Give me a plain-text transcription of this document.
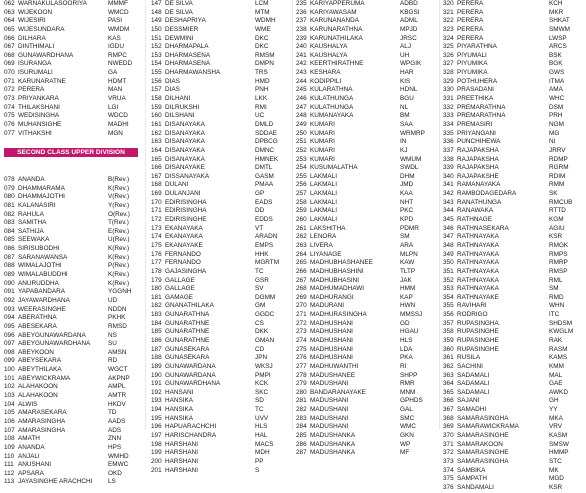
062 WARNAKULASOORIYA	MMMF
063 WIJEKOON	WMCD
064 WIJESIRI	PASI
065 WIJESUNDARA	WMDM
066 DILHARA	KAS
067 DINTHIMALI	IGDU
068 GUNAWARDHANA	RMPC
069 ISURANGA	NWEDD
070 ISURUMALI	GA
071 KARUNARATNE	HDMT
072 PERERA	MAN
073 PRIYANKARA	VRUA
074 THILAKSHANI	LGI
075 WEDISINGHA	WDCD
076 MUHANSIGHE	MADHI
077 VITHAKSHI	MGN
SECOND CLASS UPPER DIVISION
078 ANANDA	B(Rev.)
079 DHAMMARAMA	K(Rev.)
080 DHAMMAJOTHI	V(Rev.)
081 KALANASIRI	Y(Rev.)
082 RAHULA	O(Rev.)
083 SAMITHA	T(Rev.)
084 SATHIJA	E(Rev.)
085 SEEWAKA	U(Rev.)
086 SIRISUBODHI	K(Rev.)
087 SARANAWANSA	K(Rev.)
088 WIMALAJOTHI	P(Rev.)
089 WIMALABUDDHI	K(Rev.)
090 ANURUDDHA	K(Rev.)
091 YAPABANDARA	YGGNH
092 JAYAWARDHANA	UD
093 WEERASINGHE	NDDN
094 ABERATHNA	PKHK
095 ABESEKARA	RMSD
096 ABEYGUNAWARDANA	NS
097 ABEYGUNAWARDHANA	SU
098 ABEYKOON	AMSN
099 ABEYSEKARA	RD
100 ABEYTHILAKA	WGCT
101 ABEYWICKRAMA	AKPNP
102 ALAHAKOON	AMPL
103 ALAHAKOON	AMTR
104 ALWIS	HKDV
105 AMARASEKARA	TD
106 AMARASINGHA	AADS
107 AMARASINGHA	ADS
108 AMATH	ZNN
109 ANANDA	HPS
110 ANJALI	WMHD
111 ANUSHANI	EMWC
112 APSARA	OKD
113 JAYASINGHE ARACHCHI	LS
147 DE SILVA	LCM
148 DE SILVA	MTM
149 DESHAPRIYA	WDMH
150 DESSMIER	WME
151 DEWMINI	DKC
152 DHARMAPALA	DKC
153 DHARMASENA	RMSM
154 DHARMASENA	DMPN
155 DHARMAWANSHA	TRS
156 DIAS	HMD
157 DIAS	PNH
158 DILHANI	LKK
159 DILRUKSHI	RMI
160 DILSHANI	UC
161 DISANAYAKA	DMLD
162 DISANAYAKA	SDDAE
163 DISANAYAKA	DPBCG
164 DISANAYAKA	DMNC
165 DISANAYAKA	HMNEK
166 DISANAYAKE	DMTL
167 DISSANAYAKA	GASM
168 DULANI	PMAA
169 DULANJANI	GP
170 EDIRISINGHA	EADS
171 EDIRISINGHA	DD
172 EDIRISINGHE	EDDS
173 EKANAYAKA	VT
174 EKANAYAKA	ARADN
175 EKANAYAKE	EMPS
176 FERNANDO	HHK
177 FERNANDO	MGRTM
178 GAJASINGHA	TC
179 GALLAGE	GSR
180 GALLAGE	SV
181 GAMAGE	DGMM
182 GNANATHILAKA	GM
183 GUNARATHNA	GGDC
184 GUNARATHNE	CS
185 GUNARATHNE	DKK
186 GUNARATHNE	GMAN
187 GUNASEKARA	CD
188 GUNASEKARA	JPN
189 GUNAWARDANA	WKSJ
190 GUNAWARDANA	PMPI
191 GUNAWARDHANA	KCK
192 HANSANI	SKC
193 HANSIKA	SD
194 HANSIKA	TC
195 HANSIKA	UVV
196 HAPUARACHCHI	HLS
197 HARISCHANDRA	HAL
198 HARSHANI	MACS
199 HARSHANI	MDH
200 HARSHANI	PP
201 HARSHANI	S
235 KARIYAPPERUMA	ADBD
236 KARIYAWASAM	KBGSI
237 KARUNANANDA	ADML
238 KARUNARATHNA	MPJD
239 KARUNATHILAKA	JRSC
240 KAUSHALYA	ALJ
241 KAUSHALYA	UH
242 KEERTHIRATHNE	WPGIK
243 KESHARA	HAR
244 KODIPPILI	KIS
245 KULARATHNA	HDNL
246 KULATHUNGA	BGU
247 KULATHUNGA	NL
248 KUMANAYAKA	BM
249 KUMARI	SAA
250 KUMARI	WRMRP
251 KUMARI	IN
252 KUMARI	KJ
253 KUMARI	WMUM
254 KUSUMALATHA	SWDL
255 LAKMALI	DHM
256 LAKMALI	JMD
257 LAKMALI	KAA
258 LAKMALI	NHT
259 LAKMALI	PKC
260 LAKMALI	KPD
261 LAKSHITHA	PDMR
262 LENORA	SM
263 LIVERA	ARA
264 LIYANAGE	MLPN
265 MADHUBHASHANEE	KAW
266 MADHUBHASHINI	TLTP
267 MADHUBHASINI	JAK
268 MADHUMADHAWI	HMM
269 MADHURANGI	KAP
270 MADURANI	HWN
271 MADHURASINGHA	MMSSJ
272 MADHUSHANI	GD
273 MADHUSHANI	HGAU
274 MADHUSHANI	HLS
275 MADHUSHANI	LDA
276 MADHUSHANI	PKA
277 MADHUWANTHI	RI
278 MADUSHANEE	SHPP
279 MADUSHANI	RMR
280 BANDARANAYAKE	MNM
281 MADUSHANI	GPHDS
282 MADUSHANI	GAL
283 MADUSHANI	SMC
284 MADUSHANI	WMC
285 MADUSHANKA	GKN
286 MADUSHANKA	WP
287 MADUSHANKA	MF
320 PERERA	KCH
321 PERERA	MKR
322 PERERA	SHKAT
323 PERERA	SMWM
324 PERERA	LWSP
325 PIYARATHNA	ARCS
326 PIYUMALI	BSK
327 PIYUMIKA	BGK
328 PIYUMIKA	GWS
329 POTHUHERA	ITMA
330 PRASADANI	AMA
331 PREETHIKA	WHC
332 PREMARATHNA	DSM
333 PREMARATHNA	PRH
334 PREMASIRI	NGM
335 PRIYANGANI	MG
336 PUNCHIHEWA	NI
337 RAJAPAKSHA	JRRV
338 RAJAPAKSHA	RDMP
339 RAJAPAKSHA	RGRM
340 RAJAPAKSHE	RDIM
341 RAMANAYAKA	RMM
342 RAMBODAGEDARA	SK
343 RANATHUNGA	RMCUB
344 RANAWAKA	RTTD
345 RATHNAGE	KGM
346 RATHNASEKARA	AGIU
347 RATHNAYAKA	KSR
348 RATHNAYAKA	RMGK
349 RATHNAYAKA	RMPS
350 RATHNAYAKA	RMRP
351 RATHNAYAKA	RMSP
352 RATHNAYAKA	RML
353 RATHNAYAKA	SM
354 RATHNAYAKE	RMD
355 RAVIHARI	WHN
356 RODRIGO	ITC
357 RUPASINGHA	SHDSM
358 RUPASINGHE	KWGLM
359 RUPASINGHE	RAK
360 RUPASINGHE	RASM
361 RUSILA	KAMS
362 SACHINI	KMM
363 SADAMALI	MAL
364 SADAMALI	GAE
365 SADAMALI	AWKD
366 SAJANI	GH
367 SAMADHI	YY
368 SAMARASINGHA	MKA
369 SAMARAWICKRAMA	VRV
370 SAMARASINGHE	KASM
371 SAMARAKOON	SMSW
372 SAMARASINGHE	HMMP
373 SAMARASINGHA	STC
374 SAMBIKA	MK
375 SAMPATH	MGD
376 SANDAMALI	KSR
